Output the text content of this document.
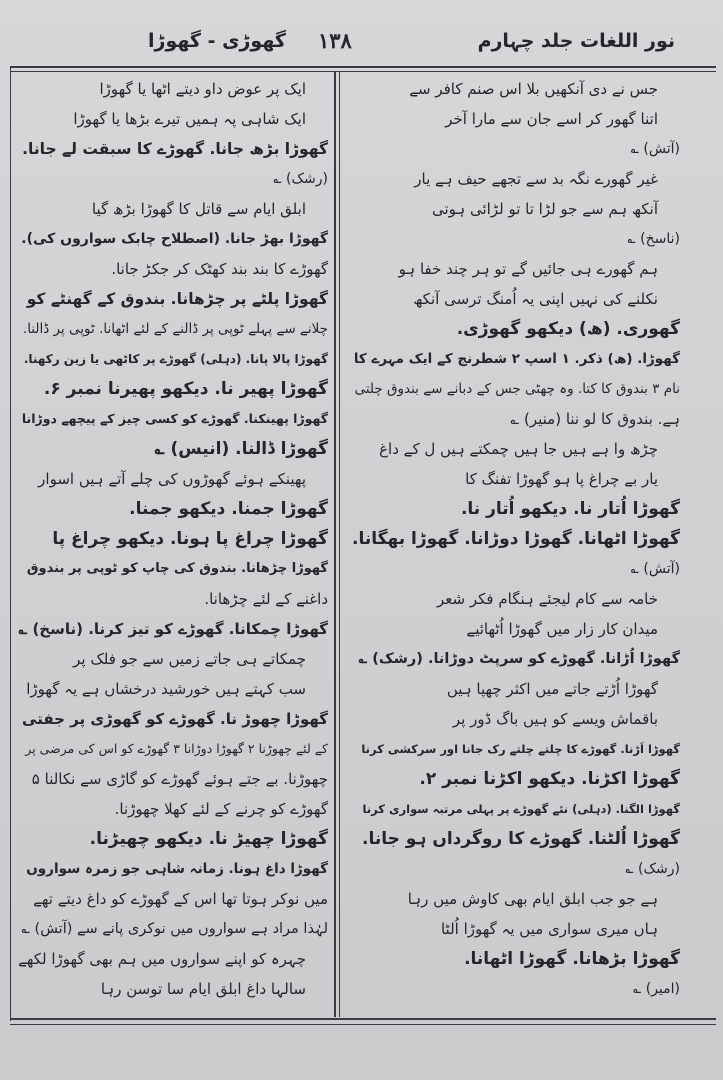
نور اللغات جلد چہارم
۱۳۸
گھوڑی - گھوڑا
جس نے دی آنکھیں بلا اس صنم کافر سے
اتنا گھور کر اسے جان سے مارا آخر
(آتش) ؎
غیر گھورے نگہ بد سے تجھے حیف ہے یار
آنکھ ہم سے جو لڑا تا تو لڑائی ہوتی
(ناسخ) ؎
ہم گھورے ہی جائیں گے تو ہر چند خفا ہو
نکلنے کی نہیں اپنی یہ اُمنگ ترسی آنکھ
گھوری. (ھ) دیکھو گھوڑی.
گھوڑا. (ھ) ذکر. ۱ اسپ ۲ شطرنج کے ایک مہرے کا
نام ۳ بندوق کا کتا. وہ چھٹی جس کے دبانے سے بندوق چلتی
ہے. بندوق کا لو ننا (منیر) ؎
چڑھ وا ہے ہیں جا ہیں چمکتے ہیں ل کے داغ
یار بے چراغ پا ہو گھوڑا تفنگ کا
گھوڑا اُتار نا. دیکھو اُتار نا.
گھوڑا اٹھانا. گھوڑا دوڑانا. گھوڑا بھگانا.
(آتش) ؎
خامہ سے کام لیجئے ہنگام فکر شعر
میدان کار زار میں گھوڑا اُٹھائیے
گھوڑا اُڑانا. گھوڑے کو سرپٹ دوڑانا. (رشک) ؎
گھوڑا اُڑتے جاتے میں اکثر چھپا ہیں
باقماش ویسے کو ہیں باگ ڈور پر
گھوڑا اَڑنا. گھوڑے کا چلتے چلتے رک جانا اور سرکشی کرنا
گھوڑا اکڑنا. دیکھو اکڑنا نمبر ۲.
گھوڑا الگنا. (دہلی) نئے گھوڑے پر پہلی مرتبہ سواری کرنا
گھوڑا اُلٹنا. گھوڑے کا روگرداں ہو جانا.
(رشک) ؎
ہے جو جب ابلق ایام بھی کاوش میں رہا
ہاں میری سواری میں یہ گھوڑا اُلٹا
گھوڑا بڑھانا. گھوڑا اٹھانا.
(امیر) ؎
ایک پر عوض داو دیتے اٹھا یا گھوڑا
ایک شاہی پہ ہمیں تیرے بڑھا یا گھوڑا
گھوڑا بڑھ جانا. گھوڑے کا سبقت لے جانا.
(رشک) ؎
ابلق ایام سے قاتل کا گھوڑا بڑھ گیا
گھوڑا بھڑ جانا. (اصطلاح چابک سواروں کی).
گھوڑے کا بند بند کھٹک کر جکڑ جانا.
گھوڑا پلٹے پر چڑھانا. بندوق کے گھنٹے کو
چلانے سے پہلے ٹوپی پر ڈالنے کے لئے اٹھانا. ٹوپی پر ڈالنا.
گھوڑا پالا پانا. (دہلی) گھوڑے پر کاٹھی یا زین رکھنا.
گھوڑا پھیر نا. دیکھو پھیرنا نمبر ۶.
گھوڑا پھینکنا. گھوڑے کو کسی چیز کے پیچھے دوڑانا
گھوڑا ڈالنا. (انیس) ؎
پھینکے ہوئے گھوڑوں کی چلے آتے ہیں اسوار
گھوڑا جمنا. دیکھو جمنا.
گھوڑا چراغ پا ہونا. دیکھو چراغ پا
گھوڑا چڑھانا. بندوق کی چاپ کو ٹوپی پر بندوق
داغنے کے لئے چڑھانا.
گھوڑا چمکانا. گھوڑے کو تیز کرنا. (ناسخ) ؎
چمکاتے ہی جاتے زمیں سے جو فلک پر
سب کہتے ہیں خورشید درخشاں ہے یہ گھوڑا
گھوڑا چھوڑ نا. گھوڑے کو گھوڑی پر جفتی
کے لئے چھوڑنا ۲ گھوڑا دوڑانا ۳ گھوڑے کو اس کی مرضی پر
چھوڑنا. بے جتے ہوئے گھوڑے کو گاڑی سے نکالنا ۵
گھوڑے کو چرنے کے لئے کھلا چھوڑنا.
گھوڑا چھیڑ نا. دیکھو چھیڑنا.
گھوڑا داغ ہونا. زمانہ شاہی جو زمرہ سواروں
میں نوکر ہوتا تھا اس کے گھوڑے کو داغ دیتے تھے
لہٰذا مراد ہے سواروں میں نوکری پانے سے (آتش) ؎
چہرہ کو اپنے سواروں میں ہم بھی گھوڑا لکھے
سالہا داغ ابلق ایام سا توسن رہا
